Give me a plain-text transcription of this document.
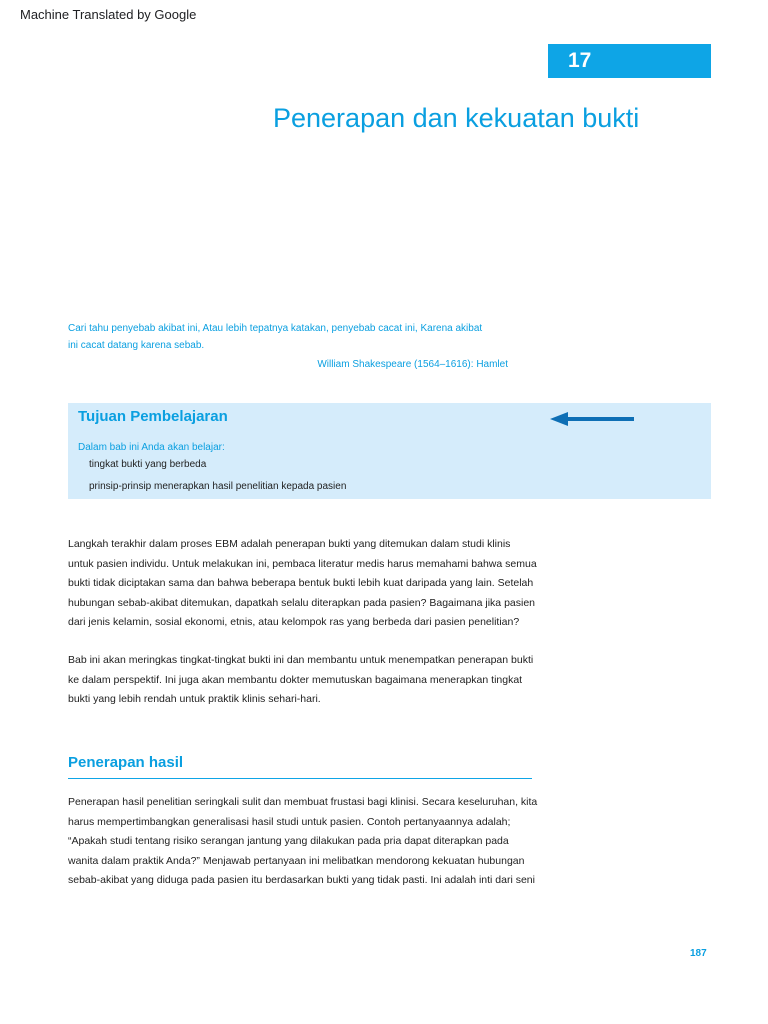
Machine Translated by Google
17
Penerapan dan kekuatan bukti
Cari tahu penyebab akibat ini, Atau lebih tepatnya katakan, penyebab cacat ini, Karena akibat
ini cacat datang karena sebab.
William Shakespeare (1564–1616): Hamlet
Tujuan Pembelajaran
Dalam bab ini Anda akan belajar:
tingkat bukti yang berbeda
prinsip-prinsip menerapkan hasil penelitian kepada pasien
Langkah terakhir dalam proses EBM adalah penerapan bukti yang ditemukan dalam studi klinis
untuk pasien individu. Untuk melakukan ini, pembaca literatur medis harus memahami bahwa semua
bukti tidak diciptakan sama dan bahwa beberapa bentuk bukti lebih kuat daripada yang lain. Setelah
hubungan sebab-akibat ditemukan, dapatkah selalu diterapkan pada pasien? Bagaimana jika pasien
dari jenis kelamin, sosial ekonomi, etnis, atau kelompok ras yang berbeda dari pasien penelitian?
Bab ini akan meringkas tingkat-tingkat bukti ini dan membantu untuk menempatkan penerapan bukti
ke dalam perspektif. Ini juga akan membantu dokter memutuskan bagaimana menerapkan tingkat
bukti yang lebih rendah untuk praktik klinis sehari-hari.
Penerapan hasil
Penerapan hasil penelitian seringkali sulit dan membuat frustasi bagi klinisi. Secara keseluruhan, kita
harus mempertimbangkan generalisasi hasil studi untuk pasien. Contoh pertanyaannya adalah;
“Apakah studi tentang risiko serangan jantung yang dilakukan pada pria dapat diterapkan pada
wanita dalam praktik Anda?” Menjawab pertanyaan ini melibatkan mendorong kekuatan hubungan
sebab-akibat yang diduga pada pasien itu berdasarkan bukti yang tidak pasti. Ini adalah inti dari seni
187
